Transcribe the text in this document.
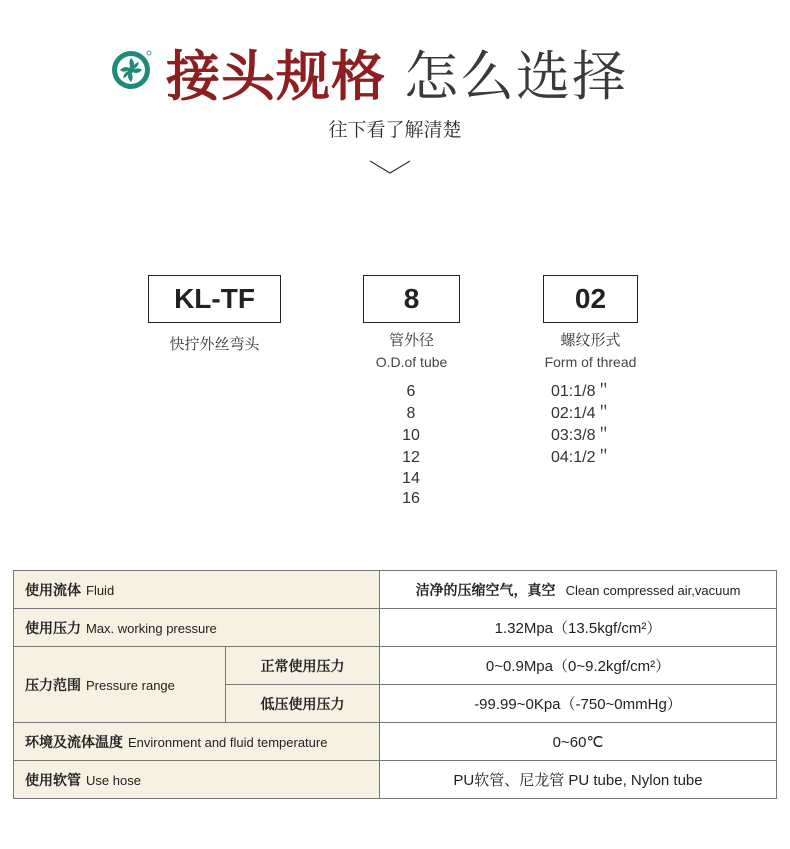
接头规格 怎么选择
往下看了解清楚
KL-TF	8	02
快拧外丝弯头	管外径
O.D.of tube
螺纹形式
Form of thread
6
8
10
12
14
16
01:1/8＂
02:1/4＂
03:3/8＂
04:1/2＂
使用流体 Fluid		洁净的压缩空气，真空 Clean compressed air,vacuum
使用压力 Max. working pressure		1.32Mpa（13.5kgf/cm²）
压力范围 Pressure range	正常使用压力	0~0.9Mpa（0~9.2kgf/cm²）
	低压使用压力	-99.99~0Kpa（-750~0mmHg）
环境及流体温度 Environment and fluid temperature		0~60℃
使用软管 Use hose		PU软管、尼龙管 PU tube, Nylon tube
